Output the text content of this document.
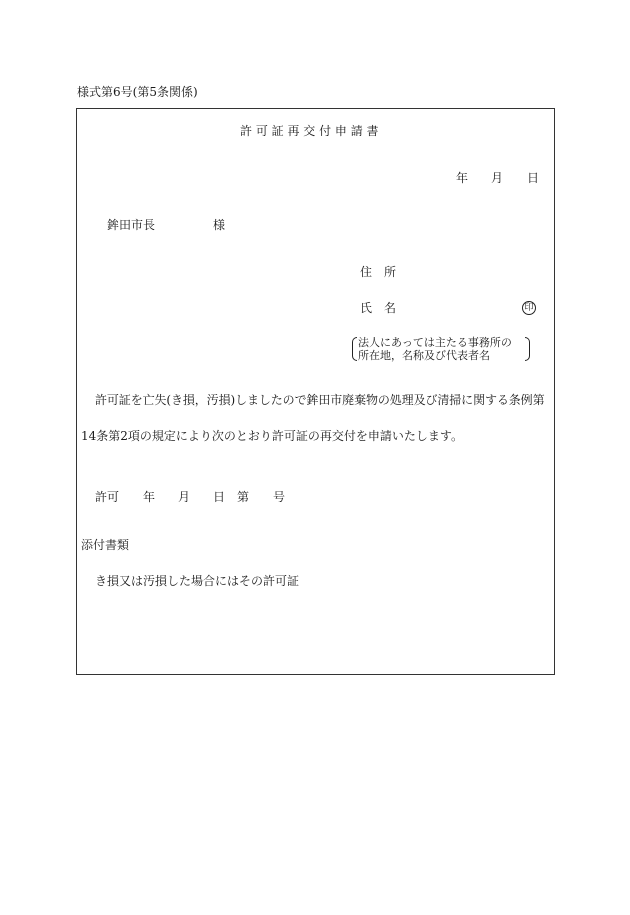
様式第6号(第5条関係)
許 可 証 再 交 付 申 請 書
年 月 日
鉾田市長	様
住　所
氏　名	印
法人にあっては主たる事務所の
所在地，名称及び代表者名
許可証を亡失(き損，汚損)しましたので鉾田市廃棄物の処理及び清掃に関する条例第
14条第2項の規定により次のとおり許可証の再交付を申請いたします。
許可 年 月 日 第 号
添付書類
き損又は汚損した場合にはその許可証
